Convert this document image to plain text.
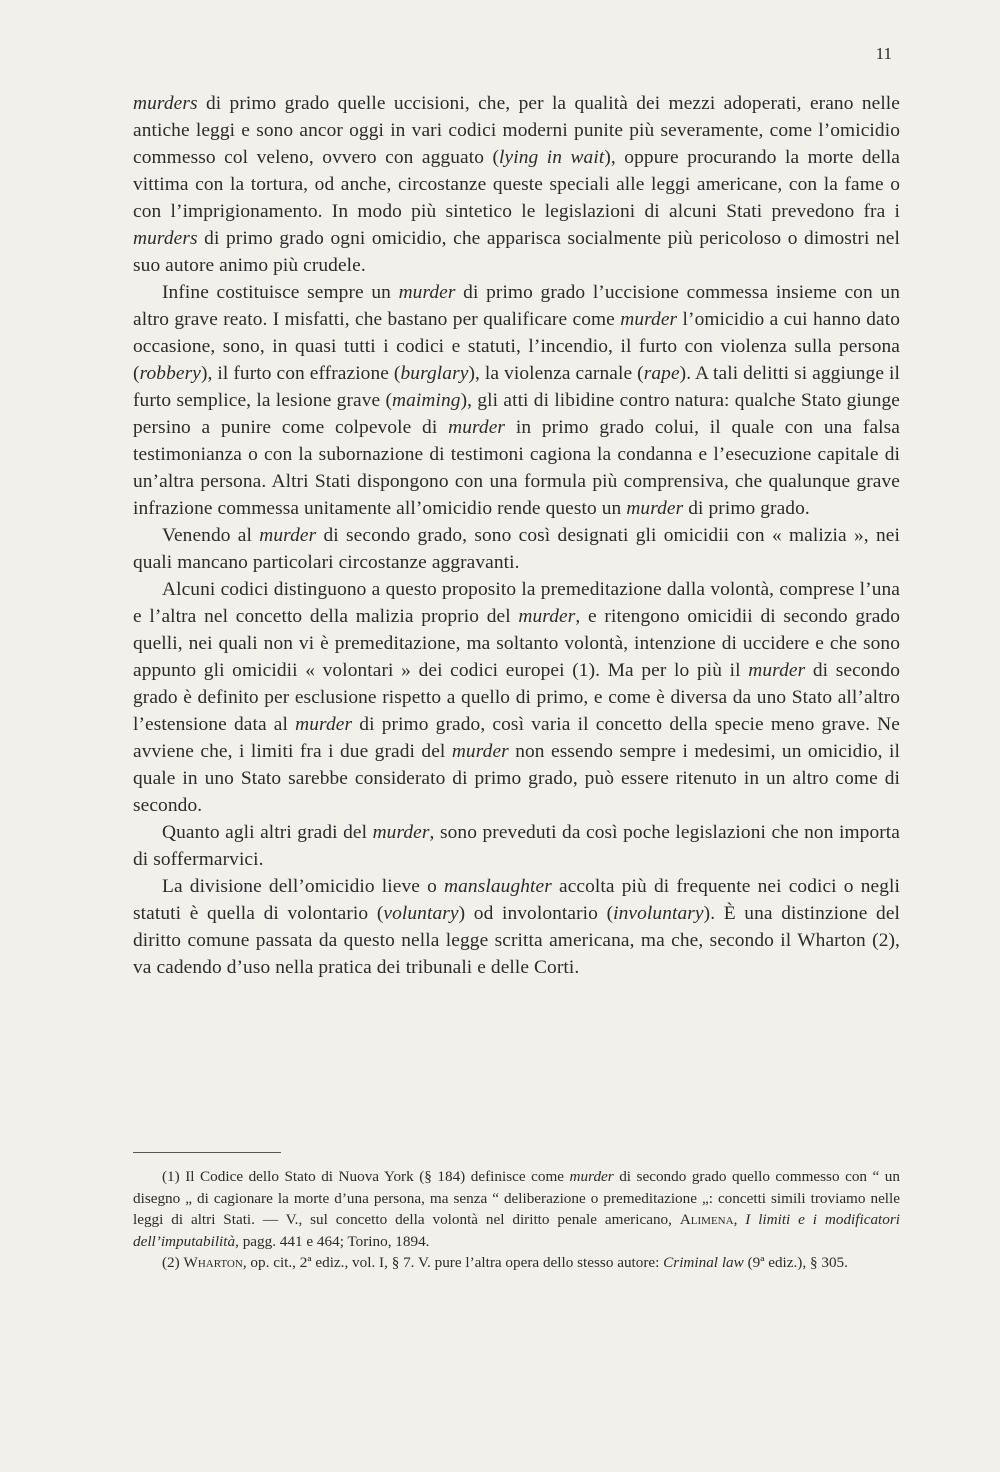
11

murders di primo grado quelle uccisioni, che, per la qualità dei mezzi adoperati, erano nelle antiche leggi e sono ancor oggi in vari codici moderni punite più severamente, come l’omicidio commesso col veleno, ovvero con agguato (lying in wait), oppure procurando la morte della vittima con la tortura, od anche, circostanze queste speciali alle leggi americane, con la fame o con l’imprigionamento. In modo più sintetico le legislazioni di alcuni Stati prevedono fra i murders di primo grado ogni omicidio, che apparisca socialmente più pericoloso o dimostri nel suo autore animo più crudele.

Infine costituisce sempre un murder di primo grado l’uccisione commessa insieme con un altro grave reato. I misfatti, che bastano per qualificare come murder l’omicidio a cui hanno dato occasione, sono, in quasi tutti i codici e statuti, l’incendio, il furto con violenza sulla persona (robbery), il furto con effrazione (burglary), la violenza carnale (rape). A tali delitti si aggiunge il furto semplice, la lesione grave (maiming), gli atti di libidine contro natura: qualche Stato giunge persino a punire come colpevole di murder in primo grado colui, il quale con una falsa testimonianza o con la subornazione di testimoni cagiona la condanna e l’esecuzione capitale di un’altra persona. Altri Stati dispongono con una formula più comprensiva, che qualunque grave infrazione commessa unitamente all’omicidio rende questo un murder di primo grado.

Venendo al murder di secondo grado, sono così designati gli omicidii con « malizia », nei quali mancano particolari circostanze aggravanti.

Alcuni codici distinguono a questo proposito la premeditazione dalla volontà, comprese l’una e l’altra nel concetto della malizia proprio del murder, e ritengono omicidii di secondo grado quelli, nei quali non vi è premeditazione, ma soltanto volontà, intenzione di uccidere e che sono appunto gli omicidii « volontari » dei codici europei (1). Ma per lo più il murder di secondo grado è definito per esclusione rispetto a quello di primo, e come è diversa da uno Stato all’altro l’estensione data al murder di primo grado, così varia il concetto della specie meno grave. Ne avviene che, i limiti fra i due gradi del murder non essendo sempre i medesimi, un omicidio, il quale in uno Stato sarebbe considerato di primo grado, può essere ritenuto in un altro come di secondo.

Quanto agli altri gradi del murder, sono preveduti da così poche legislazioni che non importa di soffermarvici.

La divisione dell’omicidio lieve o manslaughter accolta più di frequente nei codici o negli statuti è quella di volontario (voluntary) od involontario (involuntary). È una distinzione del diritto comune passata da questo nella legge scritta americana, ma che, secondo il Wharton (2), va cadendo d’uso nella pratica dei tribunali e delle Corti.

(1) Il Codice dello Stato di Nuova York (§ 184) definisce come murder di secondo grado quello commesso con “ un disegno „ di cagionare la morte d’una persona, ma senza “ deliberazione o premeditazione „: concetti simili troviamo nelle leggi di altri Stati. — V., sul concetto della volontà nel diritto penale americano, Alimena, I limiti e i modificatori dell’imputabilità, pagg. 441 e 464; Torino, 1894.

(2) Wharton, op. cit., 2ª ediz., vol. I, § 7. V. pure l’altra opera dello stesso autore: Criminal law (9ª ediz.), § 305.
